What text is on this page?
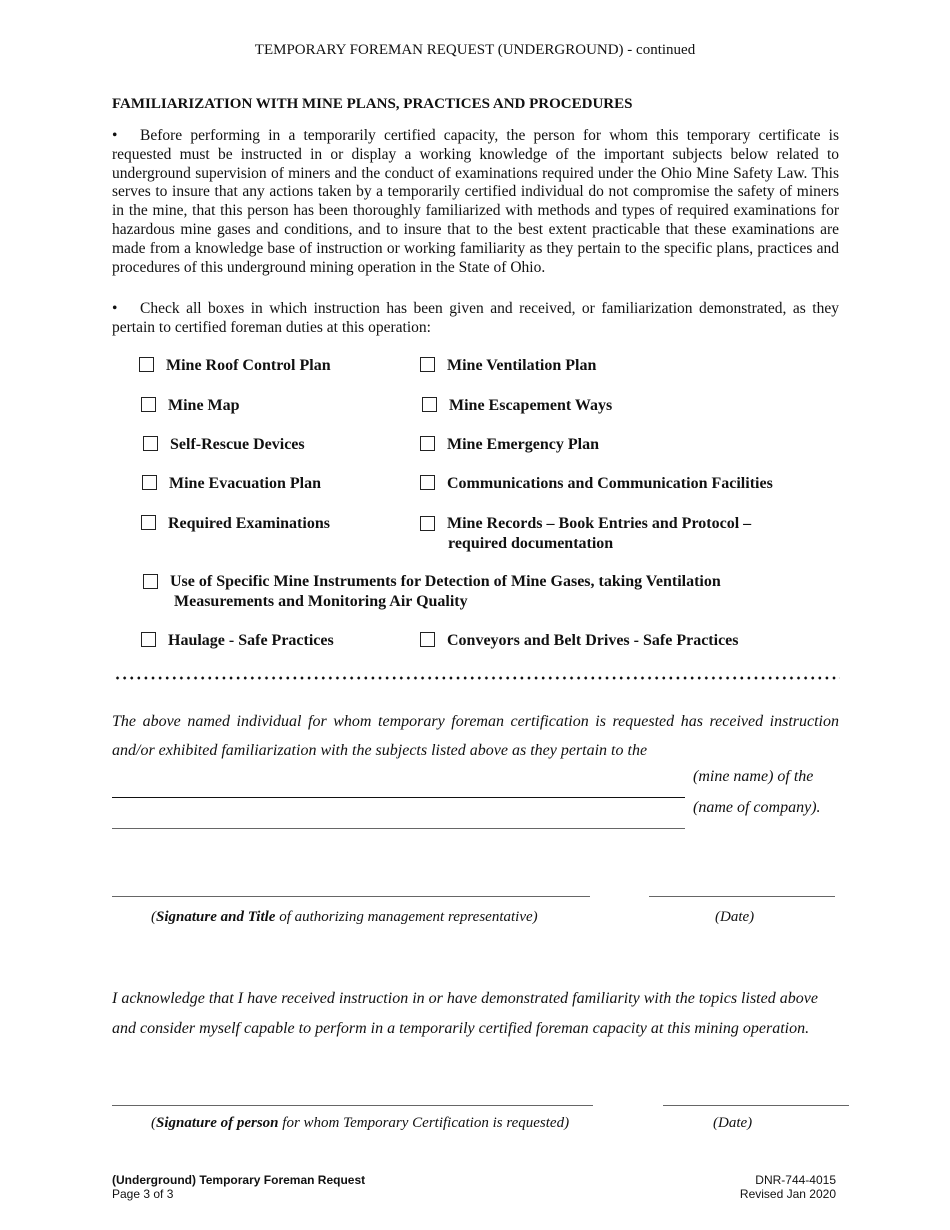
TEMPORARY FOREMAN REQUEST (UNDERGROUND) - continued
FAMILIARIZATION WITH MINE PLANS, PRACTICES AND PROCEDURES
• Before performing in a temporarily certified capacity, the person for whom this temporary certificate is requested must be instructed in or display a working knowledge of the important subjects below related to underground supervision of miners and the conduct of examinations required under the Ohio Mine Safety Law. This serves to insure that any actions taken by a temporarily certified individual do not compromise the safety of miners in the mine, that this person has been thoroughly familiarized with methods and types of required examinations for hazardous mine gases and conditions, and to insure that to the best extent practicable that these examinations are made from a knowledge base of instruction or working familiarity as they pertain to the specific plans, practices and procedures of this underground mining operation in the State of Ohio.
• Check all boxes in which instruction has been given and received, or familiarization demonstrated, as they pertain to certified foreman duties at this operation:
Mine Roof Control Plan	Mine Ventilation Plan
Mine Map	Mine Escapement Ways
Self-Rescue Devices	Mine Emergency Plan
Mine Evacuation Plan	Communications and Communication Facilities
Required Examinations	Mine Records – Book Entries and Protocol –
required documentation
Use of Specific Mine Instruments for Detection of Mine Gases, taking Ventilation
Measurements and Monitoring Air Quality
Haulage - Safe Practices	Conveyors and Belt Drives - Safe Practices
The above named individual for whom temporary foreman certification is requested has received instruction and/or exhibited familiarization with the subjects listed above as they pertain to the
(mine name) of the
(name of company).
(Signature and Title of authorizing management representative)	(Date)
I acknowledge that I have received instruction in or have demonstrated familiarity with the topics listed above and consider myself capable to perform in a temporarily certified foreman capacity at this mining operation.
(Signature of person for whom Temporary Certification is requested)	(Date)
(Underground) Temporary Foreman Request
Page 3 of 3
DNR-744-4015
Revised Jan 2020
